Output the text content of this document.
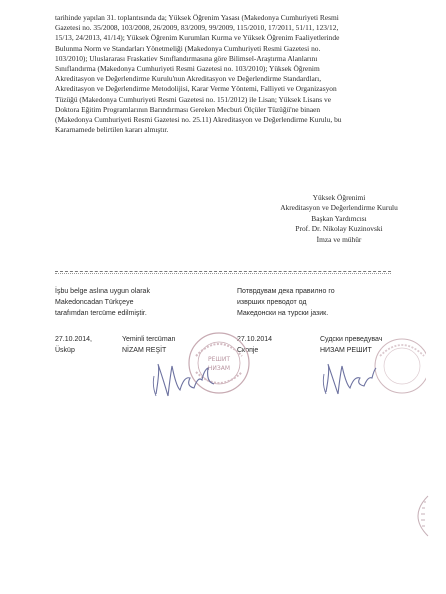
tarihinde yapılan 31. toplantısında da; Yüksek Öğrenim Yasası (Makedonya Cumhuriyeti Resmi
Gazetesi no. 35/2008, 103/2008, 26/2009, 83/2009, 99/2009, 115/2010, 17/2011, 51/11, 123/12,
15/13, 24/2013, 41/14); Yüksek Öğrenim Kurumları Kurma ve Yüksek Öğrenim Faaliyetlerinde
Bulunma Norm ve Standarları Yönetmeliği (Makedonya Cumhuriyeti Resmi Gazetesi no.
103/2010); Uluslararası Fraskatiev Sınıflandırmasına göre Bilimsel-Araştırma Alanlarını
Sınıflandırma (Makedonya Cumhuriyeti Resmi Gazetesi no. 103/2010); Yüksek Öğrenim
Akreditasyon ve Değerlendirme Kurulu'nun Akreditasyon ve Değerlendirme Standardları,
Akreditasyon ve Değerlendirme Metodolijisi, Karar Verme Yöntemi, Falliyeti ve Organizasyon
Tüzüğü (Makedonya Cumhuriyeti Resmi Gazetesi no. 151/2012) ile Lisan; Yüksek Lisans ve
Doktora Eğitim Programlarının Barındırması Gereken Mecburi Ölçüler Tüzüğü'ne binaen
(Makedonya Cumhuriyeti Resmi Gazetesi no. 25.11) Akreditasyon ve Değerlendirme Kurulu, bu
Kararnamede belirtilen kararı almıştır.
Yüksek Öğrenimi
Akreditasyon ve Değerlendirme Kurulu
Başkan Yardımcısı
Prof. Dr. Nikolay Kuzinovski
İmza ve mühür
İşbu belge aslına uygun olarak
Makedoncadan Türkçeye
tarafımdan tercüme edilmiştir.
Потврдувам дека правилно го
изврших преводот од
Македонски на турски јазик.
27.10.2014,
Üsküp
Yeminli tercüman
NİZAM REŞİT
27.10.2014
Скопје
Судски преведувач
НИЗАМ РЕШИТ
РЕШИТ
НИЗАМ
